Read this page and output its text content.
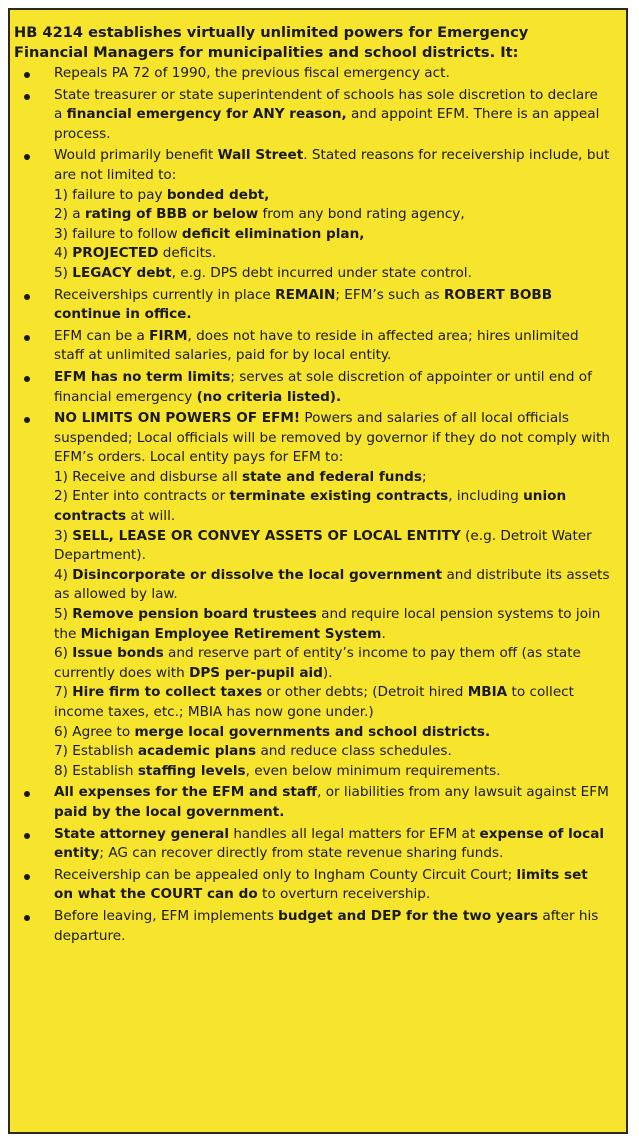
HB 4214 establishes virtually unlimited powers for Emergency Financial Managers for municipalities and school districts. It:
Repeals PA 72 of 1990, the previous fiscal emergency act.
State treasurer or state superintendent of schools has sole discretion to declare a financial emergency for ANY reason, and appoint EFM. There is an appeal process.
Would primarily benefit Wall Street. Stated reasons for receivership include, but are not limited to:
1) failure to pay bonded debt,
2) a rating of BBB or below from any bond rating agency,
3) failure to follow deficit elimination plan,
4) PROJECTED deficits.
5) LEGACY debt, e.g. DPS debt incurred under state control.
Receiverships currently in place REMAIN; EFM’s such as ROBERT BOBB continue in office.
EFM can be a FIRM, does not have to reside in affected area; hires unlimited staff at unlimited salaries, paid for by local entity.
EFM has no term limits; serves at sole discretion of appointer or until end of financial emergency (no criteria listed).
NO LIMITS ON POWERS OF EFM! Powers and salaries of all local officials suspended; Local officials will be removed by governor if they do not comply with EFM’s orders. Local entity pays for EFM to:
1) Receive and disburse all state and federal funds;
2) Enter into contracts or terminate existing contracts, including union contracts at will.
3) SELL, LEASE OR CONVEY ASSETS OF LOCAL ENTITY (e.g. Detroit Water Department).
4) Disincorporate or dissolve the local government and distribute its assets as allowed by law.
5) Remove pension board trustees and require local pension systems to join the Michigan Employee Retirement System.
6) Issue bonds and reserve part of entity’s income to pay them off (as state currently does with DPS per-pupil aid).
7) Hire firm to collect taxes or other debts; (Detroit hired MBIA to collect income taxes, etc.; MBIA has now gone under.)
6) Agree to merge local governments and school districts.
7) Establish academic plans and reduce class schedules.
8) Establish staffing levels, even below minimum requirements.
All expenses for the EFM and staff, or liabilities from any lawsuit against EFM paid by the local government.
State attorney general handles all legal matters for EFM at expense of local entity; AG can recover directly from state revenue sharing funds.
Receivership can be appealed only to Ingham County Circuit Court; limits set on what the COURT can do to overturn receivership.
Before leaving, EFM implements budget and DEP for the two years after his departure.
